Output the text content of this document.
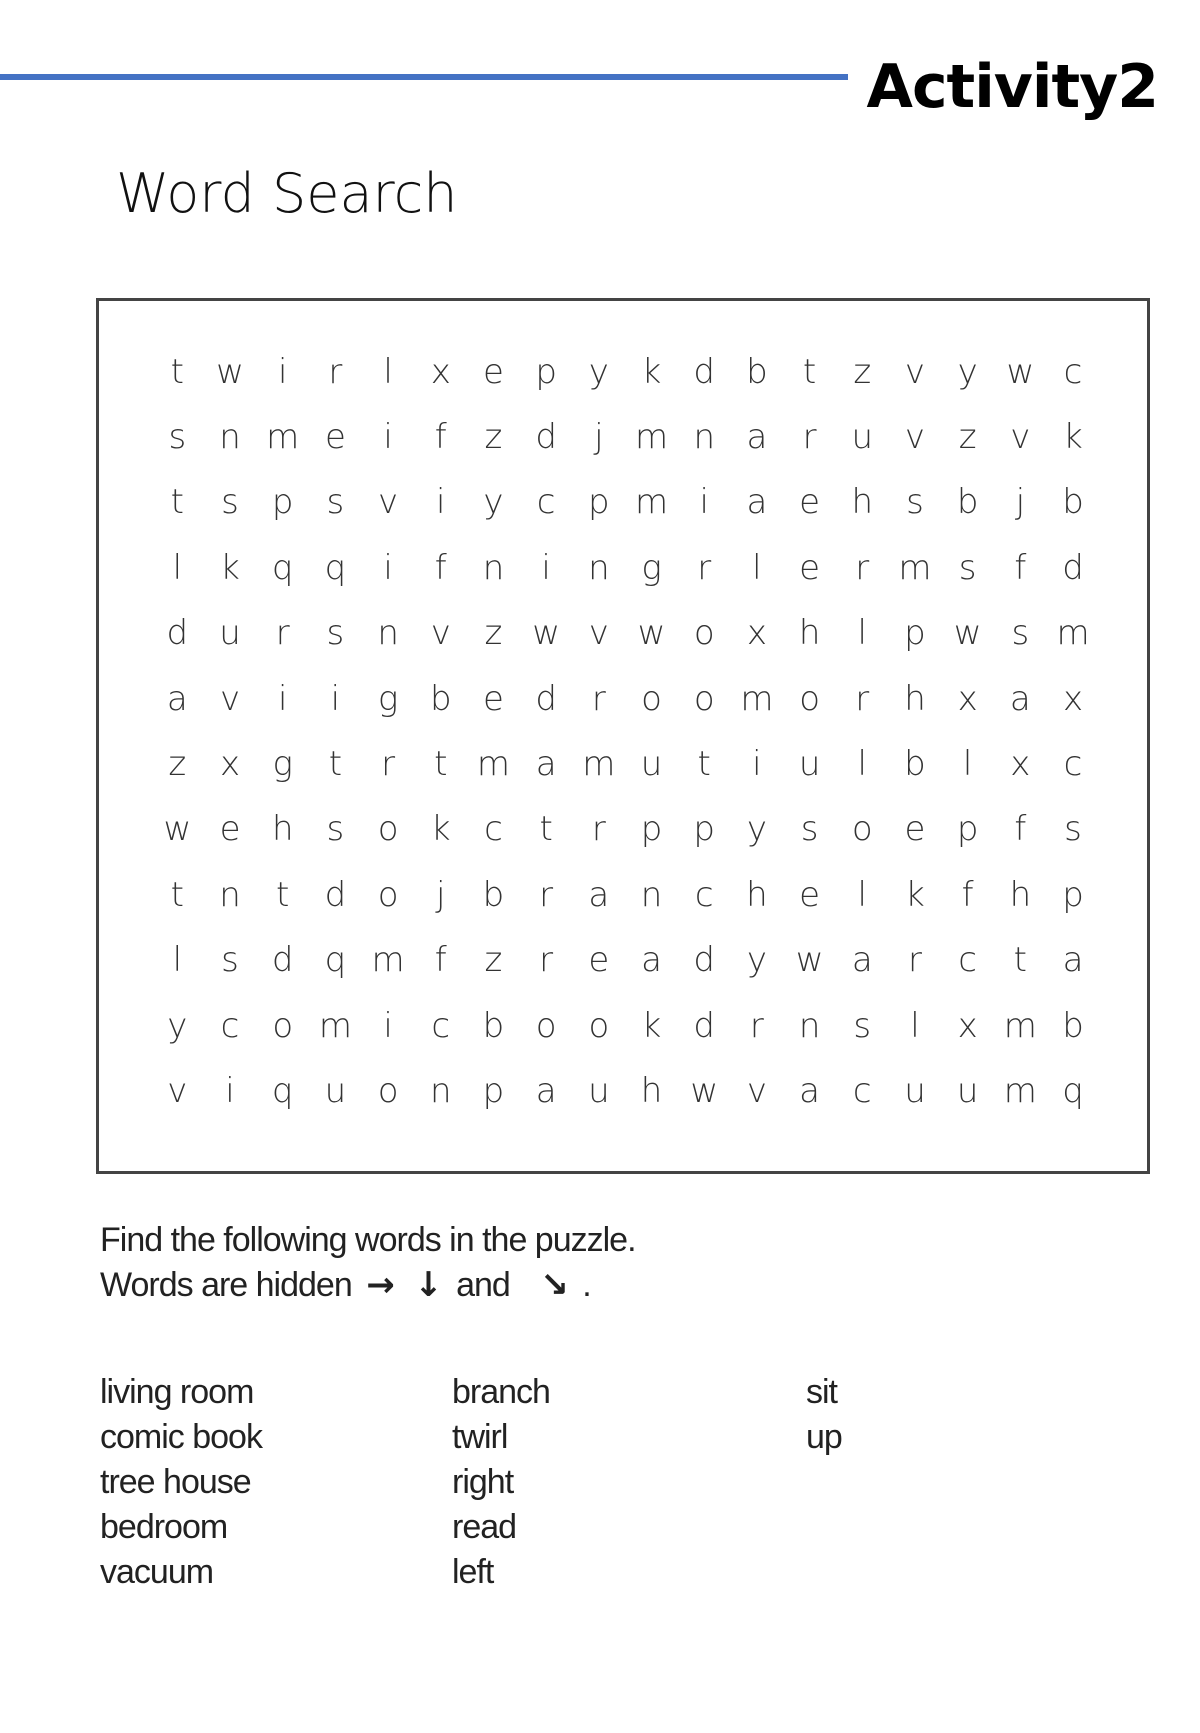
Activity2
Word Search
t w	i	r	l	x e p y k d b	t	z v y w c
s n m e	i	f	z d	j m n a	r	u v z v k
t	s p s v	i	y c p m i	a e h s b	j	b
l	k q q	i	f	n	i	n g	r	l	e	r m s	f	d
d u	r	s n v z w v w o x h	l	p w s m
a v	i	i	g b e d	r	o o m o	r	h x a x
z x g	t	r	t m a m u	t	i	u	l	b	l	x c
w e h s o k c	t	r	p p y s o e p	f	s
t	n	t	d o	j	b	r	a n c h e	l	k	f	h p
l	s d q m f	z	r	e a d y w a	r	c	t	a
y c o m i	c b o o k d	r	n s	l	x m b
v	i	q u o n p a u h w v a c u u m q
Find the following words in the puzzle.
Words are hidden → ↓ and ↘ .
living room
comic book
tree house
bedroom
vacuum
branch
twirl
right
read
left
sit
up
